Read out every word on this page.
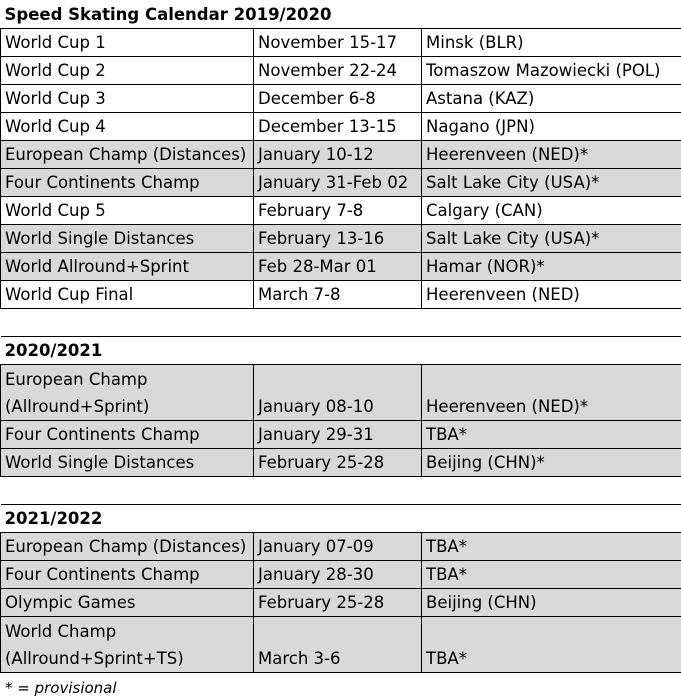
Speed Skating Calendar 2019/2020		
World Cup 1	November 15-17	Minsk (BLR)
World Cup 2	November 22-24	Tomaszow Mazowiecki (POL)
World Cup 3	December 6-8	Astana (KAZ)
World Cup 4	December 13-15	Nagano (JPN)
European Champ (Distances)	January 10-12	Heerenveen (NED)*
Four Continents Champ	January 31-Feb 02	Salt Lake City (USA)*
World Cup 5	February 7-8	Calgary (CAN)
World Single Distances	February 13-16	Salt Lake City (USA)*
World Allround+Sprint	Feb 28-Mar 01	Hamar (NOR)*
World Cup Final	March 7-8	Heerenveen (NED)

2020/2021		
European Champ (Allround+Sprint)	January 08-10	Heerenveen (NED)*
Four Continents Champ	January 29-31	TBA*
World Single Distances	February 25-28	Beijing (CHN)*

2021/2022		
European Champ (Distances)	January 07-09	TBA*
Four Continents Champ	January 28-30	TBA*
Olympic Games	February 25-28	Beijing (CHN)
World Champ (Allround+Sprint+TS)	March 3-6	TBA*
* = provisional
